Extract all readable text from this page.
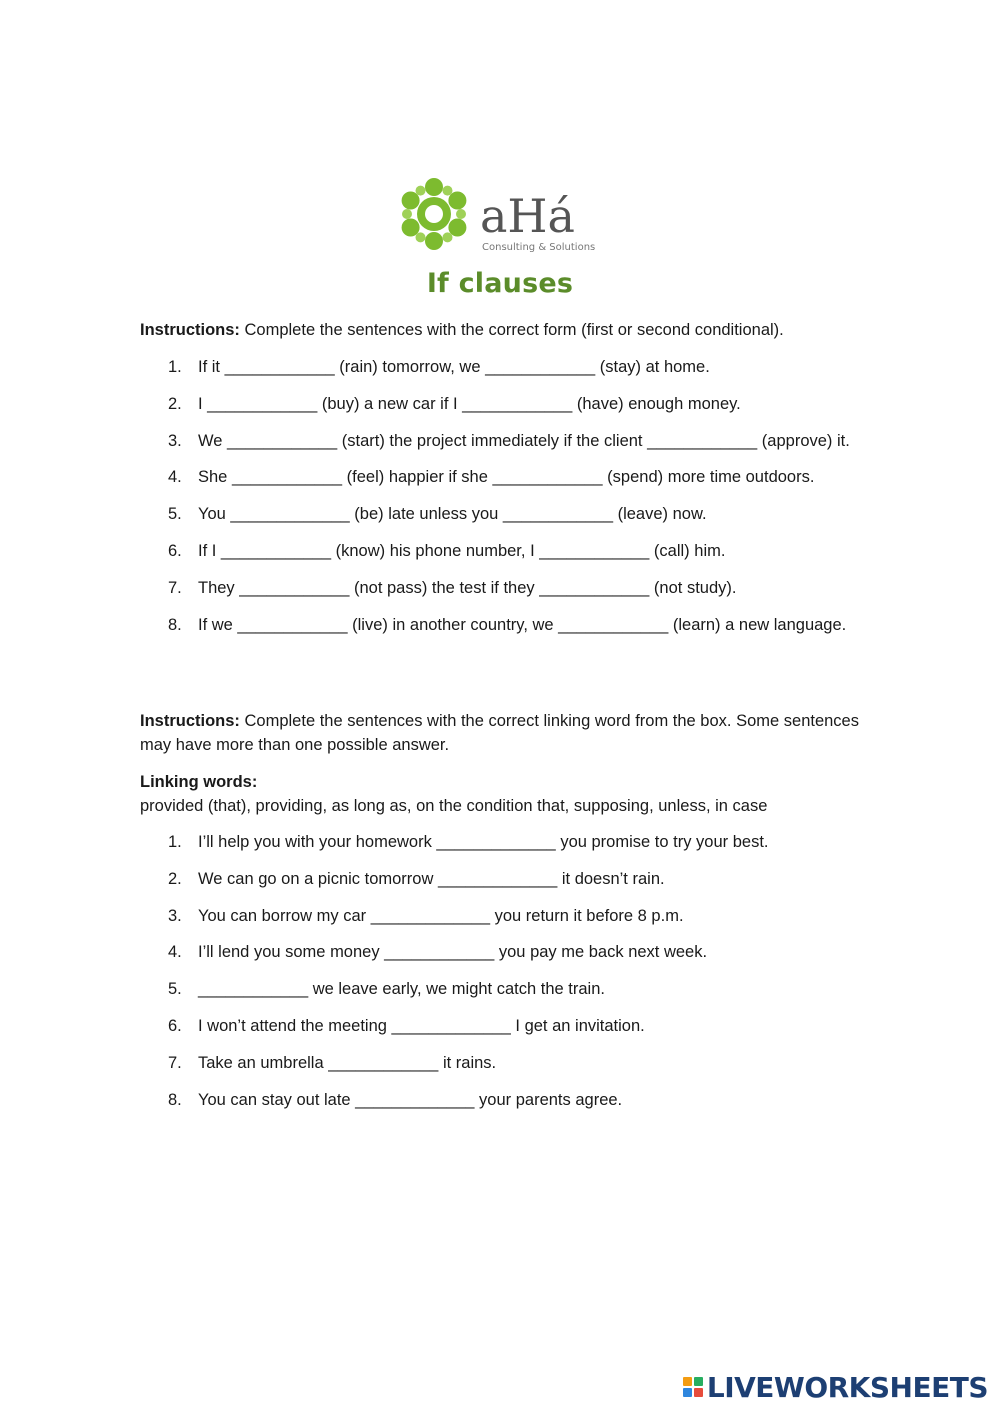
aHá
Consulting & Solutions
If clauses
Instructions: Complete the sentences with the correct form (first or second conditional).
1. If it ____________ (rain) tomorrow, we ____________ (stay) at home.
2. I ____________ (buy) a new car if I ____________ (have) enough money.
3. We ____________ (start) the project immediately if the client ____________ (approve) it.
4. She ____________ (feel) happier if she ____________ (spend) more time outdoors.
5. You _____________ (be) late unless you ____________ (leave) now.
6. If I ____________ (know) his phone number, I ____________ (call) him.
7. They ____________ (not pass) the test if they ____________ (not study).
8. If we ____________ (live) in another country, we ____________ (learn) a new language.
Instructions: Complete the sentences with the correct linking word from the box. Some sentences may have more than one possible answer.
Linking words:
provided (that), providing, as long as, on the condition that, supposing, unless, in case
1. I’ll help you with your homework _____________ you promise to try your best.
2. We can go on a picnic tomorrow _____________ it doesn’t rain.
3. You can borrow my car _____________ you return it before 8 p.m.
4. I’ll lend you some money ____________ you pay me back next week.
5. ____________ we leave early, we might catch the train.
6. I won’t attend the meeting _____________ I get an invitation.
7. Take an umbrella ____________ it rains.
8. You can stay out late _____________ your parents agree.
LIVEWORKSHEETS
